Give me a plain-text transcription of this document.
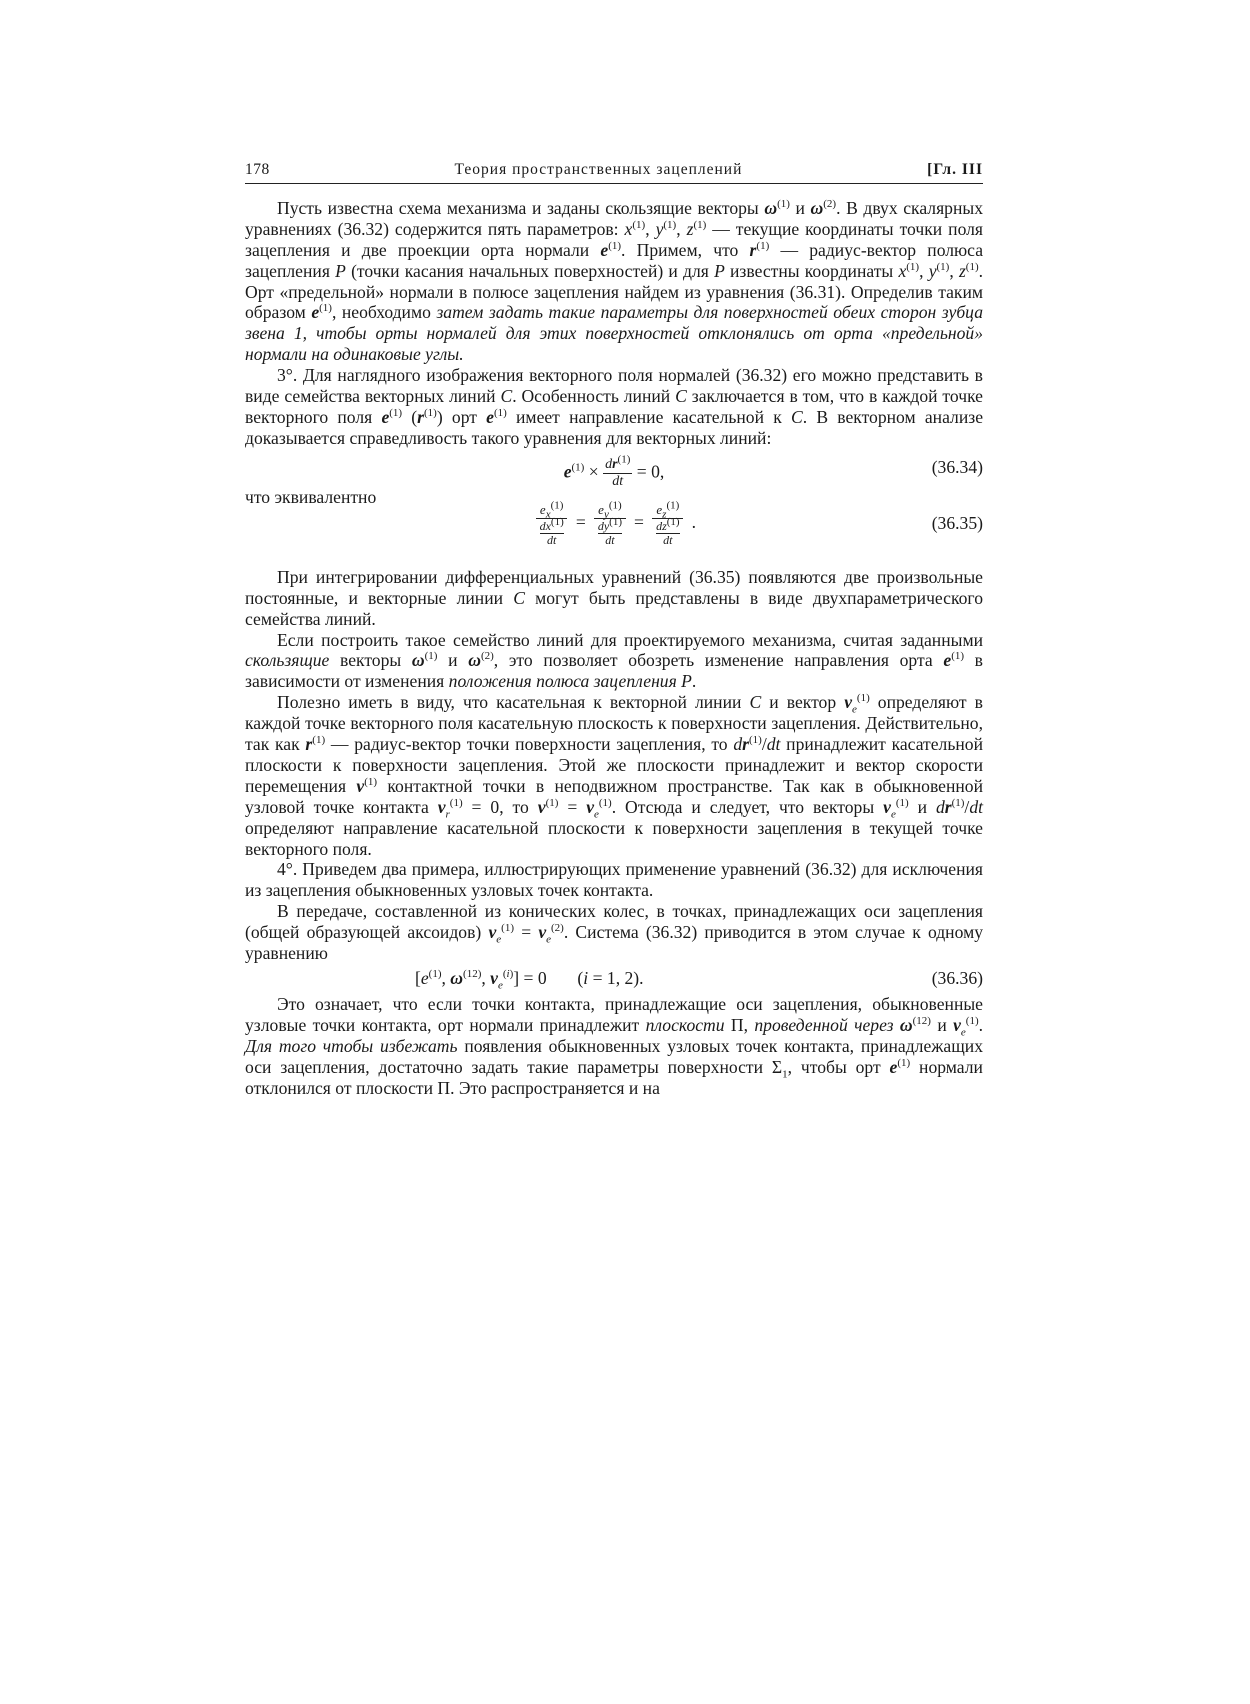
178	Теория пространственных зацеплений	[Гл. III

Пусть известна схема механизма и заданы скользящие векторы $\omega^{(1)}$ и $\omega^{(2)}$. В двух скалярных уравнениях (36.32) содержится пять параметров: $x^{(1)}$, $y^{(1)}$, $z^{(1)}$ — текущие координаты точки поля зацепления и две проекции орта нормали $e^{(1)}$. Примем, что $r^{(1)}$ — радиус-вектор полюса зацепления P (точки касания начальных поверхностей) и для P известны координаты $x^{(1)}$, $y^{(1)}$, $z^{(1)}$. Орт «предельной» нормали в полюсе зацепления найдем из уравнения (36.31). Определив таким образом $e^{(1)}$, необходимо затем задать такие параметры для поверхностей обеих сторон зубца звена 1, чтобы орты нормалей для этих поверхностей отклонялись от орта «предельной» нормали на одинаковые углы.

3°. Для наглядного изображения векторного поля нормалей (36.32) его можно представить в виде семейства векторных линий C. Особенность линий C заключается в том, что в каждой точке векторного поля $e^{(1)}$ $(r^{(1)})$ орт $e^{(1)}$ имеет направление касательной к C. В векторном анализе доказывается справедливость такого уравнения для векторных линий:

$e^{(1)} \times \frac{dr^{(1)}}{dt} = 0$,	(36.34)
что эквивалентно
$\frac{e_x^{(1)}}{\frac{dx^{(1)}}{dt}} = \frac{e_y^{(1)}}{\frac{dy^{(1)}}{dt}} = \frac{e_z^{(1)}}{\frac{dz^{(1)}}{dt}}$ .	(36.35)

При интегрировании дифференциальных уравнений (36.35) появляются две произвольные постоянные, и векторные линии C могут быть представлены в виде двухпараметрического семейства линий.

Если построить такое семейство линий для проектируемого механизма, считая заданными скользящие векторы $\omega^{(1)}$ и $\omega^{(2)}$, это позволяет обозреть изменение направления орта $e^{(1)}$ в зависимости от изменения положения полюса зацепления P.

Полезно иметь в виду, что касательная к векторной линии C и вектор $v_e^{(1)}$ определяют в каждой точке векторного поля касательную плоскость к поверхности зацепления. Действительно, так как $r^{(1)}$ — радиус-вектор точки поверхности зацепления, то $dr^{(1)}/dt$ принадлежит касательной плоскости к поверхности зацепления. Этой же плоскости принадлежит и вектор скорости перемещения $v^{(1)}$ контактной точки в неподвижном пространстве. Так как в обыкновенной узловой точке контакта $v_r^{(1)} = 0$, то $v^{(1)} = v_e^{(1)}$. Отсюда и следует, что векторы $v_e^{(1)}$ и $dr^{(1)}/dt$ определяют направление касательной плоскости к поверхности зацепления в текущей точке векторного поля.

4°. Приведем два примера, иллюстрирующих применение уравнений (36.32) для исключения из зацепления обыкновенных узловых точек контакта.

В передаче, составленной из конических колес, в точках, принадлежащих оси зацепления (общей образующей аксоидов) $v_e^{(1)} = v_e^{(2)}$. Система (36.32) приводится в этом случае к одному уравнению

[$e^{(1)}$, $\omega^{(12)}$, $v_e^{(i)}] = 0$       (i = 1, 2).	(36.36)

Это означает, что если точки контакта, принадлежащие оси зацепления, обыкновенные узловые точки контакта, орт нормали принадлежит плоскости П, проведенной через $\omega^{(12)}$ и $v_e^{(1)}$. Для того чтобы избежать появления обыкновенных узловых точек контакта, принадлежащих оси зацепления, достаточно задать такие параметры поверхности $\Sigma_1$, чтобы орт $e^{(1)}$ нормали отклонился от плоскости П. Это распространяется и на
